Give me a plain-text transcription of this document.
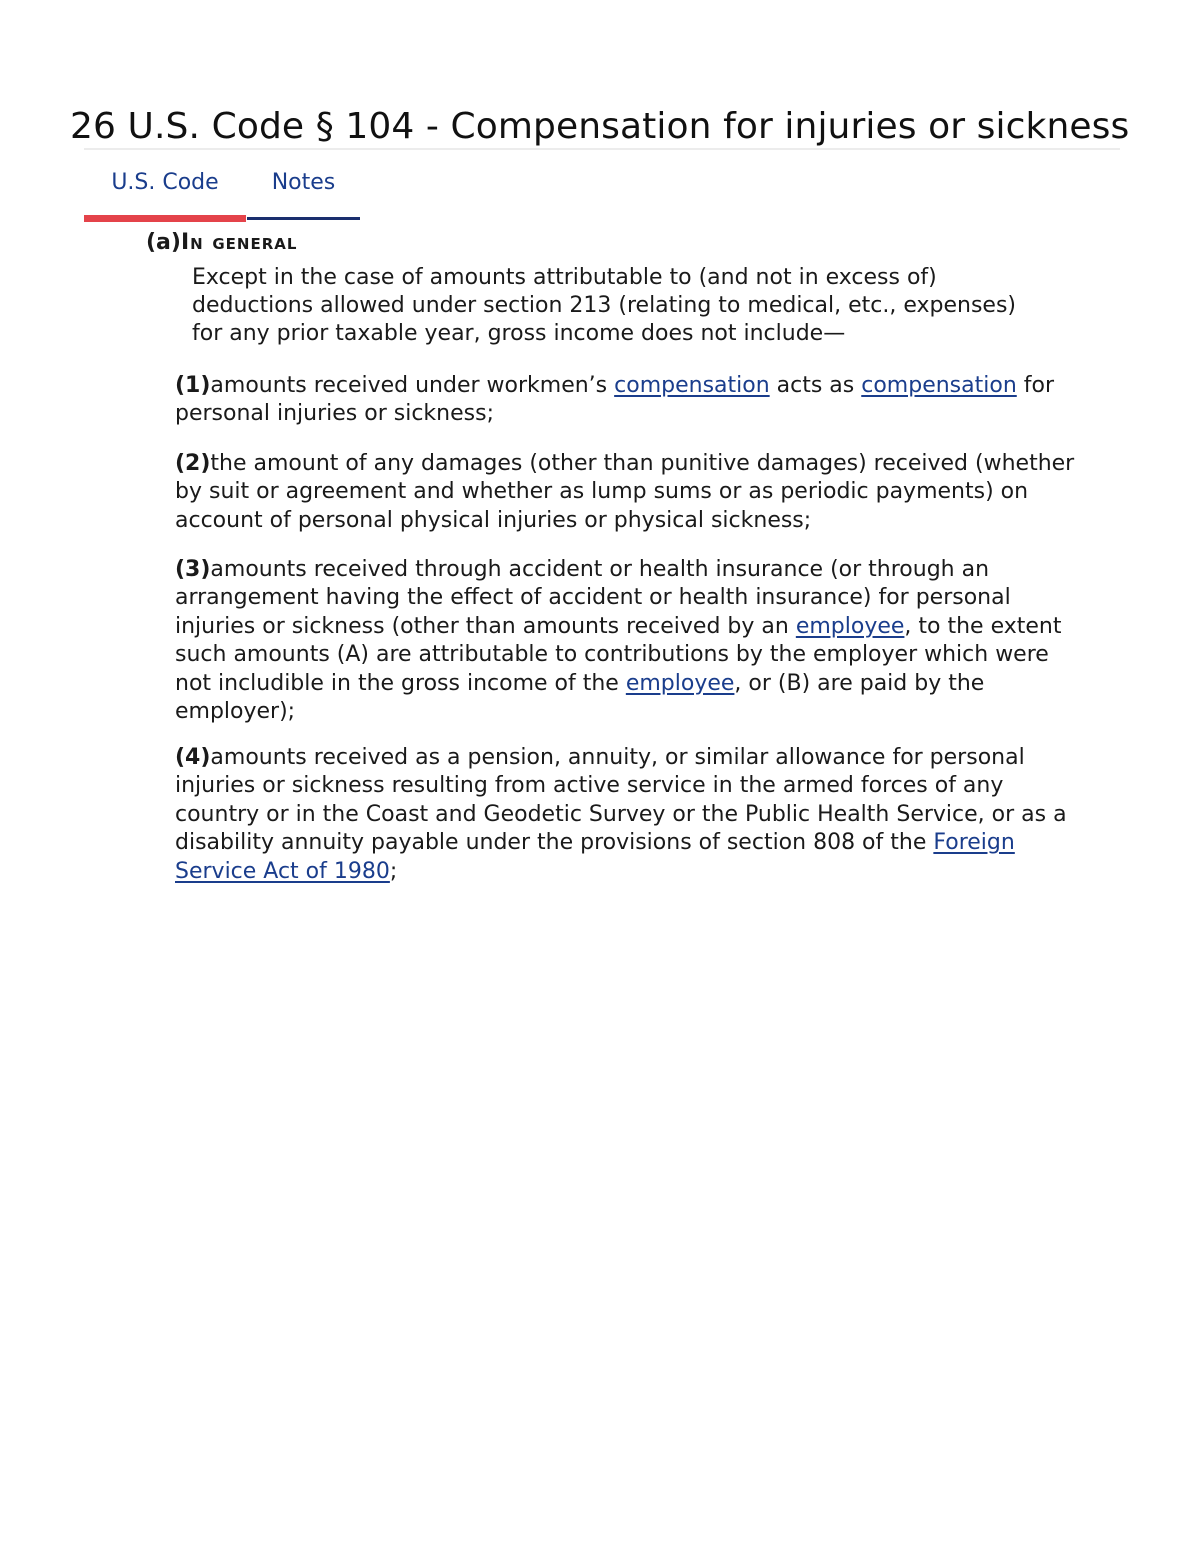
26 U.S. Code § 104 - Compensation for injuries or sickness
U.S. Code	Notes
(a)In general
Except in the case of amounts attributable to (and not in excess of) deductions allowed under section 213 (relating to medical, etc., expenses) for any prior taxable year, gross income does not include—
(1)amounts received under workmen’s compensation acts as compensation for personal injuries or sickness;
(2)the amount of any damages (other than punitive damages) received (whether by suit or agreement and whether as lump sums or as periodic payments) on account of personal physical injuries or physical sickness;
(3)amounts received through accident or health insurance (or through an arrangement having the effect of accident or health insurance) for personal injuries or sickness (other than amounts received by an employee, to the extent such amounts (A) are attributable to contributions by the employer which were not includible in the gross income of the employee, or (B) are paid by the employer);
(4)amounts received as a pension, annuity, or similar allowance for personal injuries or sickness resulting from active service in the armed forces of any country or in the Coast and Geodetic Survey or the Public Health Service, or as a disability annuity payable under the provisions of section 808 of the Foreign Service Act of 1980;
